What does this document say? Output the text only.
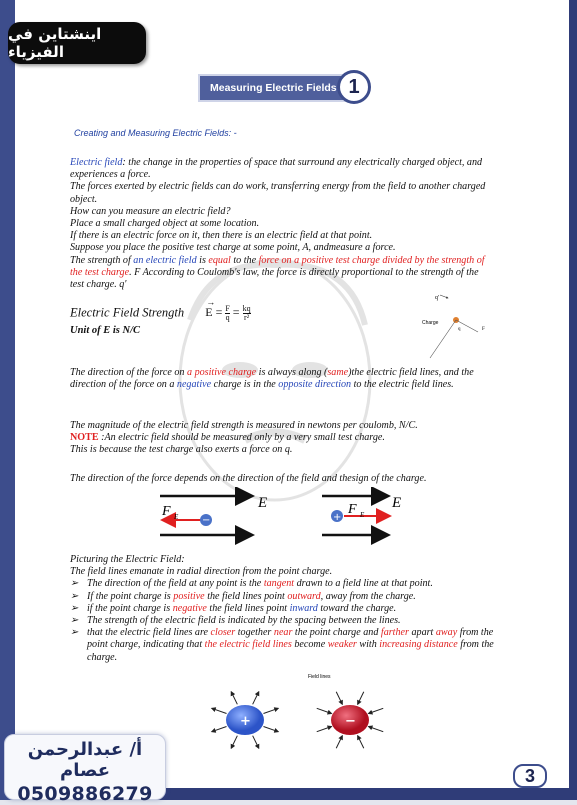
اينشتاين في الفيزياء
Measuring Electric Fields 1
Creating and Measuring Electric Fields: -
Electric field: the change in the properties of space that surround any electrically charged object, and experiences a force.
The forces exerted by electric fields can do work, transferring energy from the field to another charged object.
How can you measure an electric field?
Place a small charged object at some location.
If there is an electric force on it, then there is an electric field at that point.
Suppose you place the positive test charge at some point, A, andmeasure a force.
The strength of an electric field is equal to the force on a positive test charge divided by the strength of the test charge. F According to Coulomb's law, the force is directly proportional to the strength of the test charge. q'
Electric Field Strength E
→
= $\frac{F}{q} = \frac{kq}{\text{r²}}$
Unit of E is N/C
Charge
q'
F
q
The direction of the force on a positive charge is always along (same)the electric field lines, and the direction of the force on a negative charge is in the opposite direction to the electric field lines.
The magnitude of the electric field strength is measured in newtons per coulomb, N/C.
NOTE :An electric field should be measured only by a very small test charge.
This is because the test charge also exerts a force on q.
The direction of the force depends on the direction of the field and thesign of the charge.
E	E
F E −	+
F E
Picturing the Electric Field:
The field lines emanate in radial direction from the point charge.
➢ The direction of the field at any point is the tangent drawn to a field line at that point.
➢ If the point charge is positive the field lines point outward, away from the charge.
➢ if the point charge is negative the field lines point inward toward the charge.
➢ The strength of the electric field is indicated by the spacing between the lines.
➢ that the electric field lines are closer together near the point charge and farther apart away from the point charge, indicating that the electric field lines become weaker with increasing distance from the charge.
Field lines
+	−
أ/ عبدالرحمن عصام
0509886279
3
